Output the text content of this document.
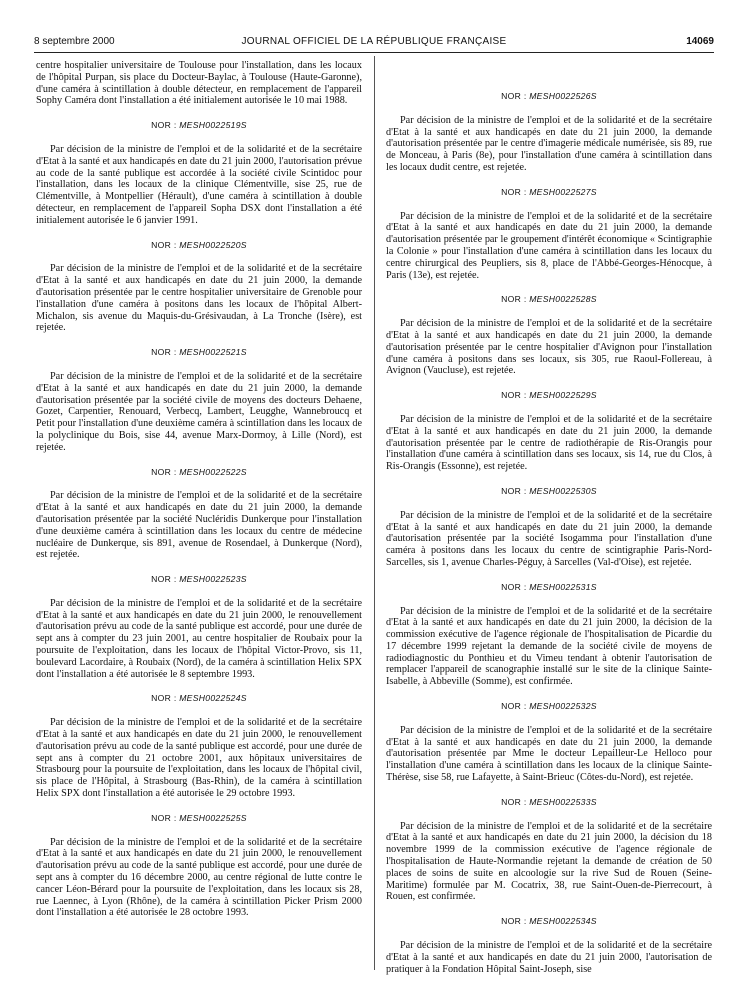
8 septembre 2000	JOURNAL OFFICIEL DE LA RÉPUBLIQUE FRANÇAISE	14069

centre hospitalier universitaire de Toulouse pour l'installation, dans les locaux de l'hôpital Purpan, sis place du Docteur-Baylac, à Toulouse (Haute-Garonne), d'une caméra à scintillation à double détecteur, en remplacement de l'appareil Sophy Caméra dont l'installation a été initialement autorisée le 10 mai 1988.

NOR : MESH0022519S

Par décision de la ministre de l'emploi et de la solidarité et de la secrétaire d'Etat à la santé et aux handicapés en date du 21 juin 2000, l'autorisation prévue au code de la santé publique est accordée à la société civile Scintidoc pour l'installation, dans les locaux de la clinique Clémentville, sise 25, rue de Clémentville, à Montpellier (Hérault), d'une caméra à scintillation à double détecteur, en remplacement de l'appareil Sopha DSX dont l'installation a été initialement autorisée le 6 janvier 1991.

NOR : MESH0022520S

Par décision de la ministre de l'emploi et de la solidarité et de la secrétaire d'Etat à la santé et aux handicapés en date du 21 juin 2000, la demande d'autorisation présentée par le centre hospitalier universitaire de Grenoble pour l'installation d'une caméra à positons dans les locaux de l'hôpital Albert-Michalon, sis avenue du Maquis-du-Grésivaudan, à La Tronche (Isère), est rejetée.

NOR : MESH0022521S

Par décision de la ministre de l'emploi et de la solidarité et de la secrétaire d'Etat à la santé et aux handicapés en date du 21 juin 2000, la demande d'autorisation présentée par la société civile de moyens des docteurs Dehaene, Gozet, Carpentier, Renouard, Verbecq, Lambert, Leugghe, Wannebroucq et Petit pour l'installation d'une deuxième caméra à scintillation dans les locaux de la polyclinique du Bois, sise 44, avenue Marx-Dormoy, à Lille (Nord), est rejetée.

NOR : MESH0022522S

Par décision de la ministre de l'emploi et de la solidarité et de la secrétaire d'Etat à la santé et aux handicapés en date du 21 juin 2000, la demande d'autorisation présentée par la société Nucléridis Dunkerque pour l'installation d'une deuxième caméra à scintillation dans les locaux du centre de médecine nucléaire de Dunkerque, sis 891, avenue de Rosendael, à Dunkerque (Nord), est rejetée.

NOR : MESH0022523S

Par décision de la ministre de l'emploi et de la solidarité et de la secrétaire d'Etat à la santé et aux handicapés en date du 21 juin 2000, le renouvellement d'autorisation prévu au code de la santé publique est accordé, pour une durée de sept ans à compter du 23 juin 2001, au centre hospitalier de Roubaix pour la poursuite de l'exploitation, dans les locaux de l'hôpital Victor-Provo, sis 11, boulevard Lacordaire, à Roubaix (Nord), de la caméra à scintillation Helix SPX dont l'installation a été autorisée le 8 septembre 1993.

NOR : MESH0022524S

Par décision de la ministre de l'emploi et de la solidarité et de la secrétaire d'Etat à la santé et aux handicapés en date du 21 juin 2000, le renouvellement d'autorisation prévu au code de la santé publique est accordé, pour une durée de sept ans à compter du 21 octobre 2001, aux hôpitaux universitaires de Strasbourg pour la poursuite de l'exploitation, dans les locaux de l'hôpital civil, sis place de l'Hôpital, à Strasbourg (Bas-Rhin), de la caméra à scintillation Helix SPX dont l'installation a été autorisée le 29 octobre 1993.

NOR : MESH0022525S

Par décision de la ministre de l'emploi et de la solidarité et de la secrétaire d'Etat à la santé et aux handicapés en date du 21 juin 2000, le renouvellement d'autorisation prévu au code de la santé publique est accordé, pour une durée de sept ans à compter du 16 décembre 2000, au centre régional de lutte contre le cancer Léon-Bérard pour la poursuite de l'exploitation, dans les locaux sis 28, rue Laennec, à Lyon (Rhône), de la caméra à scintillation Picker Prism 2000 dont l'installation a été autorisée le 28 octobre 1993.

NOR : MESH0022526S

Par décision de la ministre de l'emploi et de la solidarité et de la secrétaire d'Etat à la santé et aux handicapés en date du 21 juin 2000, la demande d'autorisation présentée par le centre d'imagerie médicale numérisée, sis 89, rue de Monceau, à Paris (8e), pour l'installation d'une caméra à scintillation dans les locaux dudit centre, est rejetée.

NOR : MESH0022527S

Par décision de la ministre de l'emploi et de la solidarité et de la secrétaire d'Etat à la santé et aux handicapés en date du 21 juin 2000, la demande d'autorisation présentée par le groupement d'intérêt économique « Scintigraphie la Colonie » pour l'installation d'une caméra à scintillation dans les locaux du centre chirurgical des Peupliers, sis 8, place de l'Abbé-Georges-Hénocque, à Paris (13e), est rejetée.

NOR : MESH0022528S

Par décision de la ministre de l'emploi et de la solidarité et de la secrétaire d'Etat à la santé et aux handicapés en date du 21 juin 2000, la demande d'autorisation présentée par le centre hospitalier d'Avignon pour l'installation d'une caméra à positons dans ses locaux, sis 305, rue Raoul-Follereau, à Avignon (Vaucluse), est rejetée.

NOR : MESH0022529S

Par décision de la ministre de l'emploi et de la solidarité et de la secrétaire d'Etat à la santé et aux handicapés en date du 21 juin 2000, la demande d'autorisation présentée par le centre de radiothérapie de Ris-Orangis pour l'installation d'une caméra à scintillation dans ses locaux, sis 14, rue du Clos, à Ris-Orangis (Essonne), est rejetée.

NOR : MESH0022530S

Par décision de la ministre de l'emploi et de la solidarité et de la secrétaire d'Etat à la santé et aux handicapés en date du 21 juin 2000, la demande d'autorisation présentée par la société Isogamma pour l'installation d'une caméra à positons dans les locaux du centre de scintigraphie Paris-Nord-Sarcelles, sis 1, avenue Charles-Péguy, à Sarcelles (Val-d'Oise), est rejetée.

NOR : MESH0022531S

Par décision de la ministre de l'emploi et de la solidarité et de la secrétaire d'Etat à la santé et aux handicapés en date du 21 juin 2000, la décision de la commission exécutive de l'agence régionale de l'hospitalisation de Picardie du 17 décembre 1999 rejetant la demande de la société civile de moyens de radiodiagnostic du Ponthieu et du Vimeu tendant à obtenir l'autorisation de remplacer l'appareil de scanographie installé sur le site de la clinique Sainte-Isabelle, à Abbeville (Somme), est confirmée.

NOR : MESH0022532S

Par décision de la ministre de l'emploi et de la solidarité et de la secrétaire d'Etat à la santé et aux handicapés en date du 21 juin 2000, la demande d'autorisation présentée par Mme le docteur Lepailleur-Le Helloco pour l'installation d'une caméra à scintillation dans les locaux de la clinique Sainte-Thérèse, sise 58, rue Lafayette, à Saint-Brieuc (Côtes-du-Nord), est rejetée.

NOR : MESH0022533S

Par décision de la ministre de l'emploi et de la solidarité et de la secrétaire d'Etat à la santé et aux handicapés en date du 21 juin 2000, la décision du 18 novembre 1999 de la commission exécutive de l'agence régionale de l'hospitalisation de Haute-Normandie rejetant la demande de création de 50 places de soins de suite en alcoologie sur la rive Sud de Rouen (Seine-Maritime) formulée par M. Cocatrix, 38, rue Saint-Ouen-de-Pierrecourt, à Rouen, est confirmée.

NOR : MESH0022534S

Par décision de la ministre de l'emploi et de la solidarité et de la secrétaire d'Etat à la santé et aux handicapés en date du 21 juin 2000, l'autorisation de pratiquer à la Fondation Hôpital Saint-Joseph, sise
